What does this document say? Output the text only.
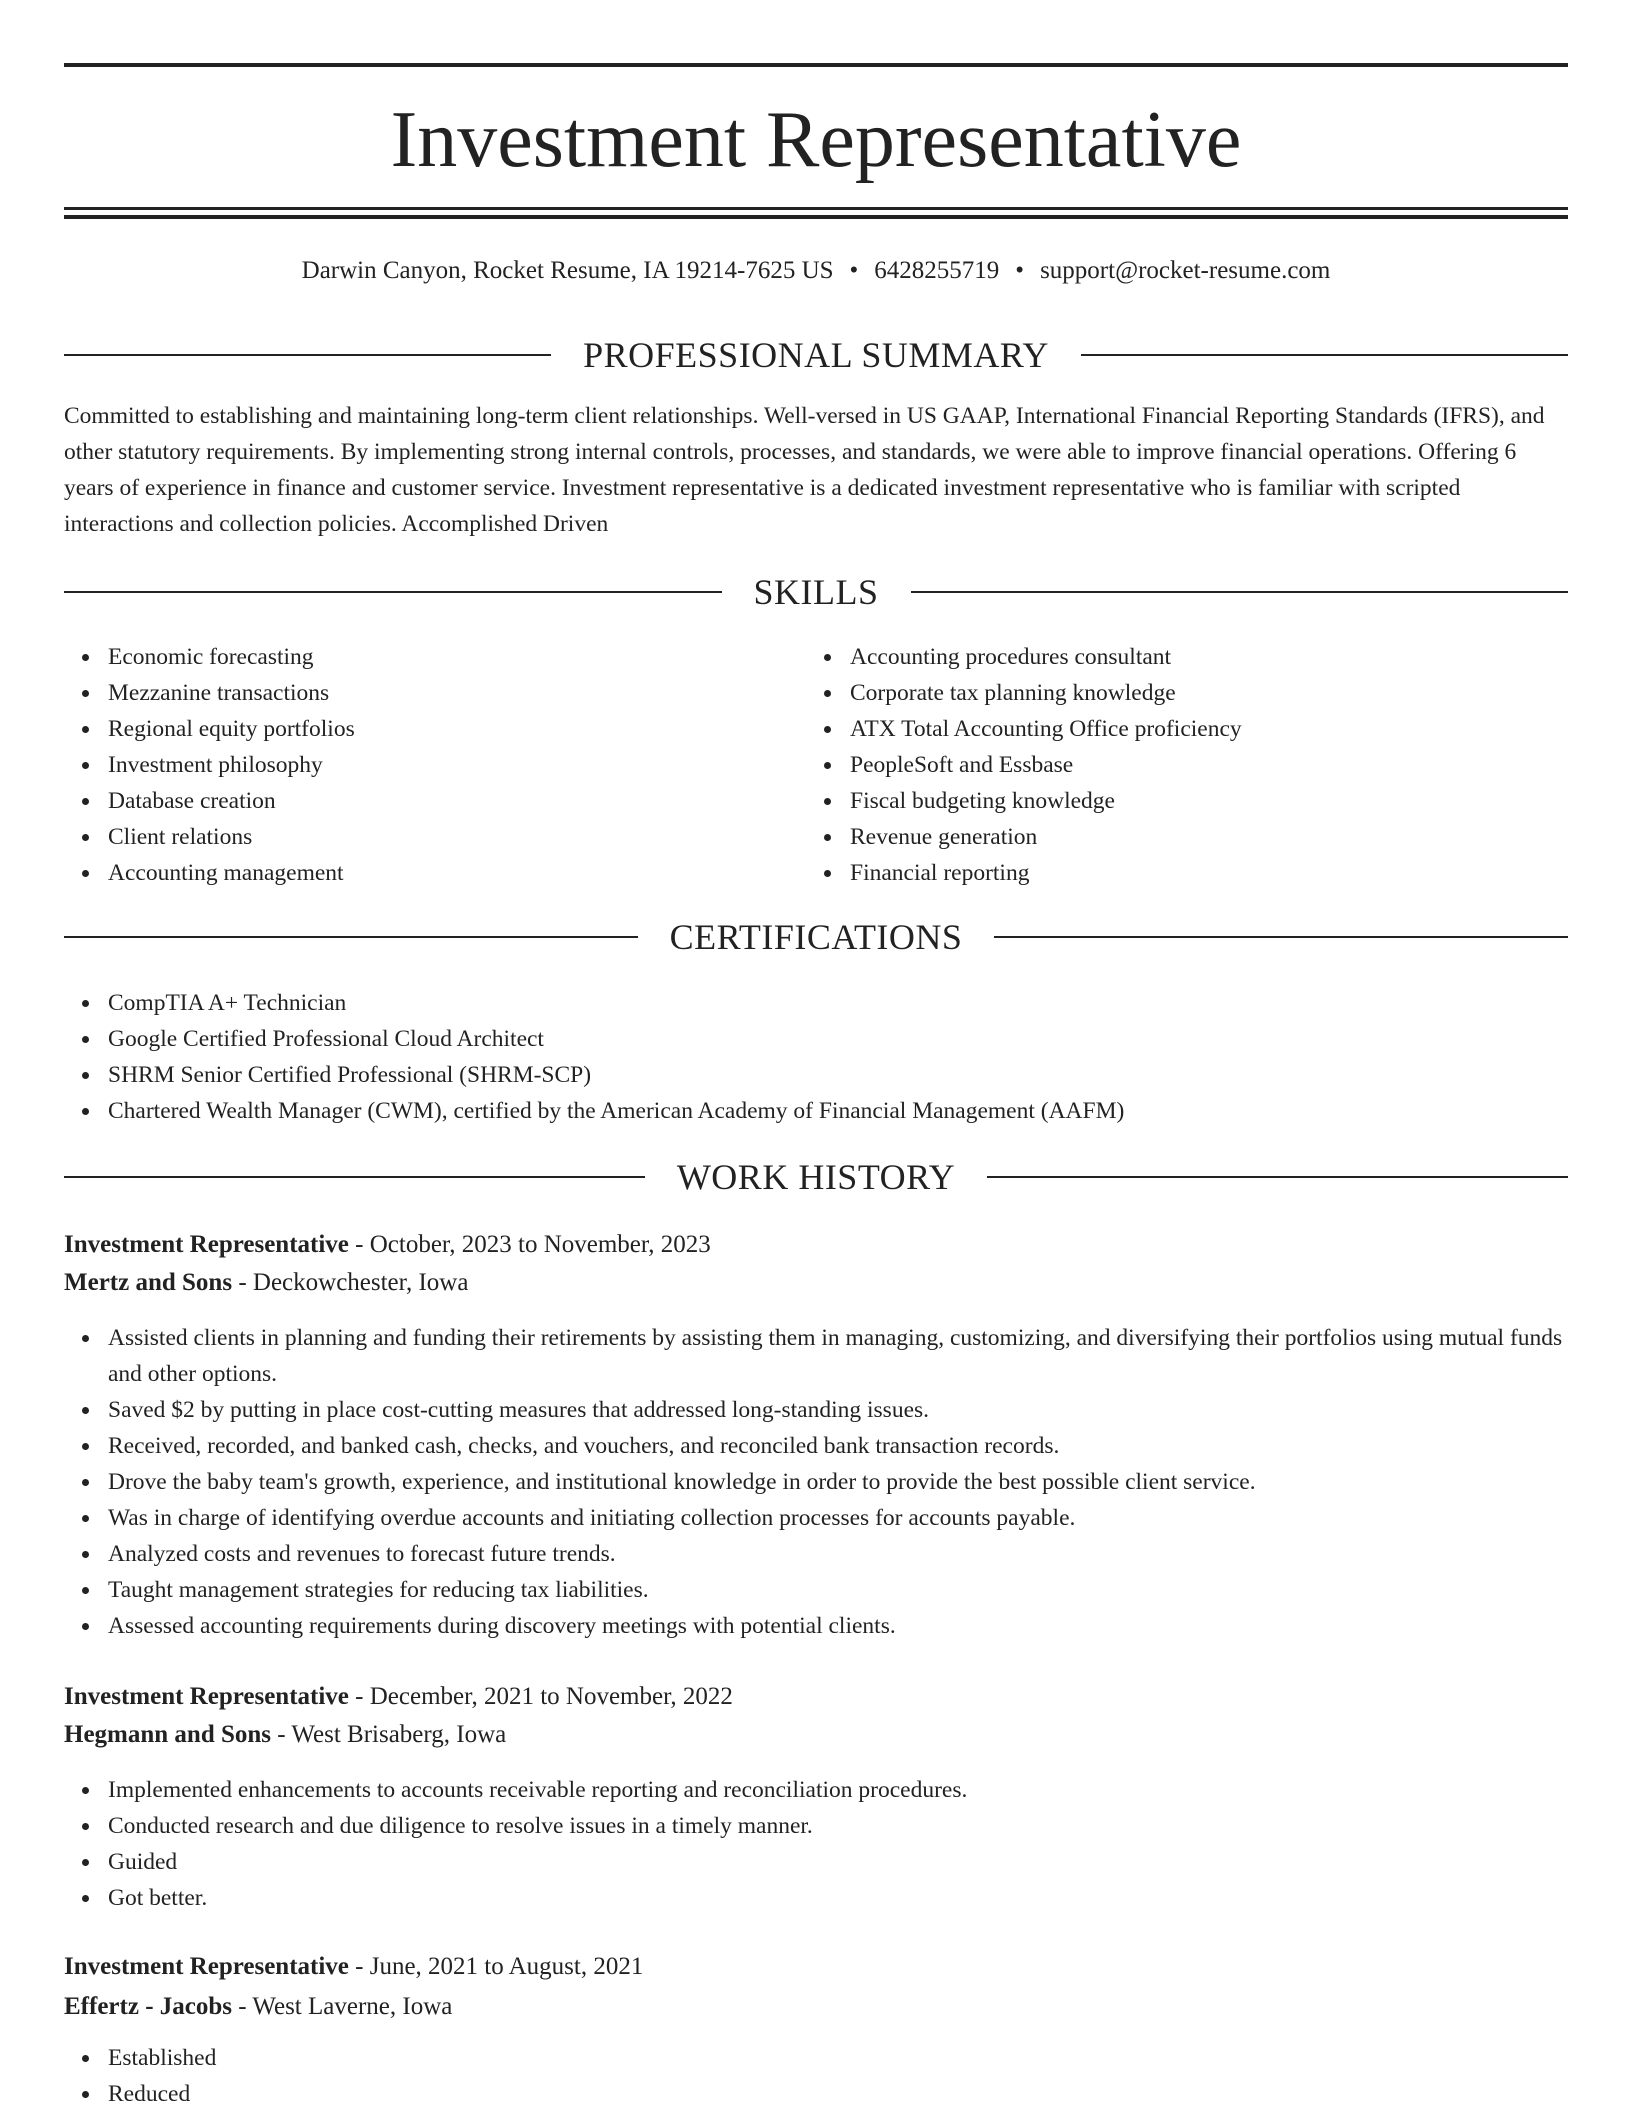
Investment Representative
Darwin Canyon, Rocket Resume, IA 19214-7625 US • 6428255719 • support@rocket-resume.com
PROFESSIONAL SUMMARY

Committed to establishing and maintaining long-term client relationships. Well-versed in US GAAP, International Financial Reporting Standards (IFRS), and other statutory requirements. By implementing strong internal controls, processes, and standards, we were able to improve financial operations. Offering 6 years of experience in finance and customer service. Investment representative is a dedicated investment representative who is familiar with scripted interactions and collection policies. Accomplished Driven

SKILLS
Economic forecasting
Mezzanine transactions
Regional equity portfolios
Investment philosophy
Database creation
Client relations
Accounting management
Accounting procedures consultant
Corporate tax planning knowledge
ATX Total Accounting Office proficiency
PeopleSoft and Essbase
Fiscal budgeting knowledge
Revenue generation
Financial reporting
CERTIFICATIONS
CompTIA A+ Technician
Google Certified Professional Cloud Architect
SHRM Senior Certified Professional (SHRM-SCP)
Chartered Wealth Manager (CWM), certified by the American Academy of Financial Management (AAFM)
WORK HISTORY
Investment Representative - October, 2023 to November, 2023
Mertz and Sons - Deckowchester, Iowa
Assisted clients in planning and funding their retirements by assisting them in managing, customizing, and diversifying their portfolios using mutual funds and other options.
Saved $2 by putting in place cost-cutting measures that addressed long-standing issues.
Received, recorded, and banked cash, checks, and vouchers, and reconciled bank transaction records.
Drove the baby team's growth, experience, and institutional knowledge in order to provide the best possible client service.
Was in charge of identifying overdue accounts and initiating collection processes for accounts payable.
Analyzed costs and revenues to forecast future trends.
Taught management strategies for reducing tax liabilities.
Assessed accounting requirements during discovery meetings with potential clients.
Investment Representative - December, 2021 to November, 2022
Hegmann and Sons - West Brisaberg, Iowa
Implemented enhancements to accounts receivable reporting and reconciliation procedures.
Conducted research and due diligence to resolve issues in a timely manner.
Guided
Got better.
Investment Representative - June, 2021 to August, 2021
Effertz - Jacobs - West Laverne, Iowa
Established
Reduced
